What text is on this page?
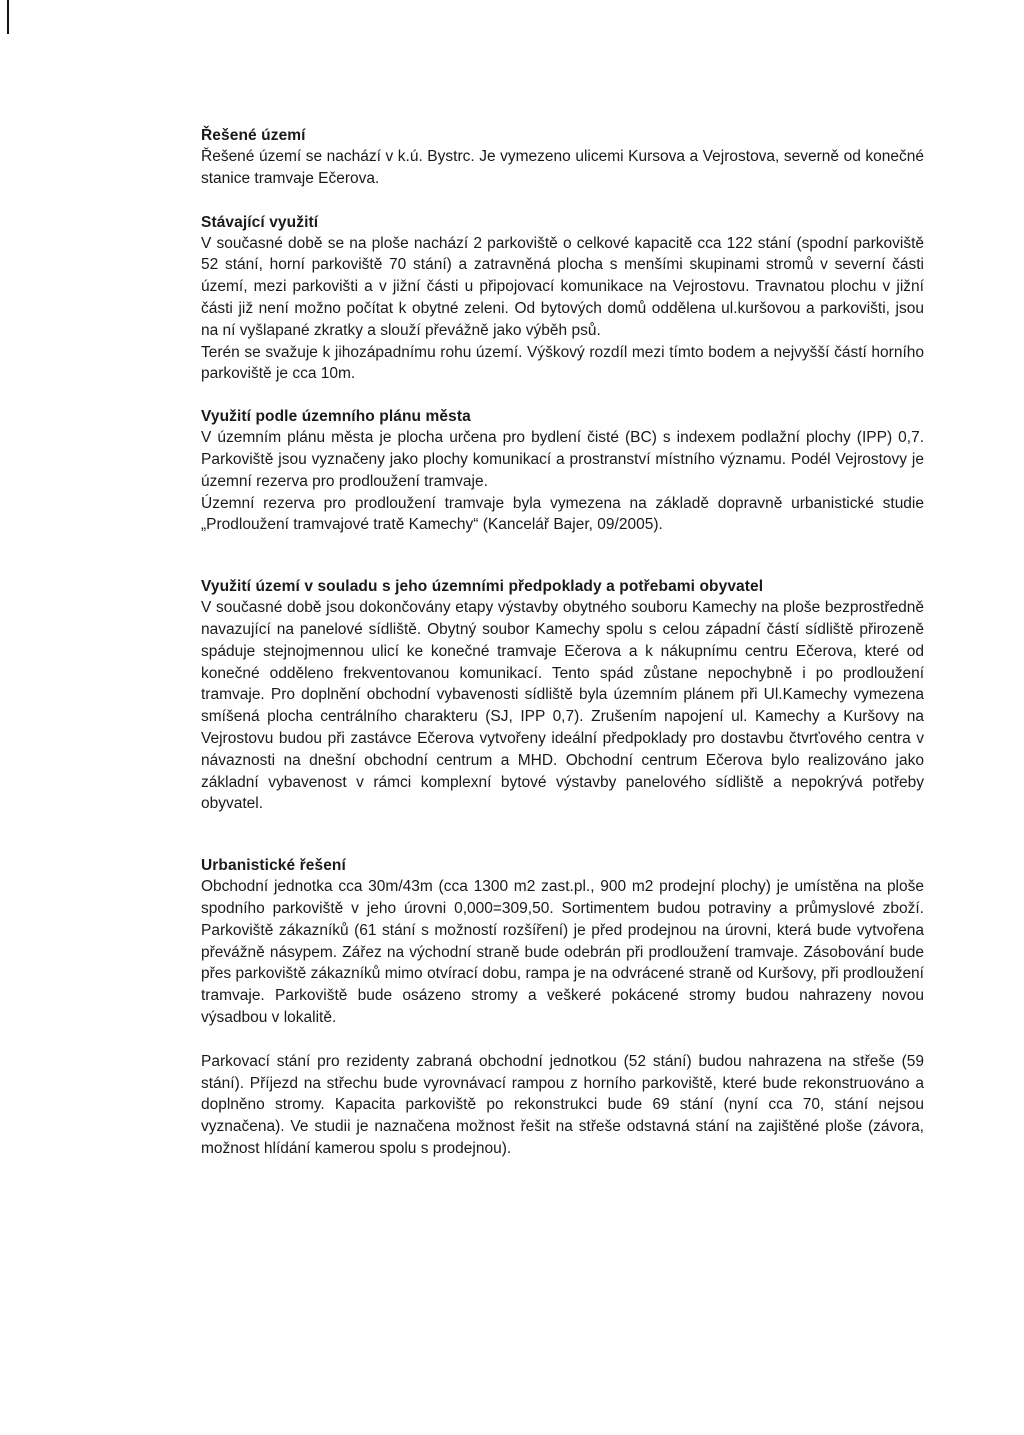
Řešené území

Řešené území se nachází v k.ú. Bystrc. Je vymezeno ulicemi Kursova a Vejrostova, severně od konečné stanice tramvaje Ečerova.

Stávající využití

V současné době se na ploše nachází 2 parkoviště o celkové kapacitě cca 122 stání (spodní parkoviště 52 stání, horní parkoviště 70 stání) a zatravněná plocha s menšími skupinami stromů v severní části území, mezi parkovišti a v jižní části u připojovací komunikace na Vejrostovu. Travnatou plochu v jižní části již není možno počítat k obytné zeleni. Od bytových domů oddělena ul.kuršovou a parkovišti, jsou na ní vyšlapané zkratky a slouží převážně jako výběh psů.

Terén se svažuje k jihozápadnímu rohu území. Výškový rozdíl mezi tímto bodem a nejvyšší částí horního parkoviště je cca 10m.

Využití podle územního plánu města

V územním plánu města je plocha určena pro bydlení čisté (BC) s indexem podlažní plochy (IPP) 0,7. Parkoviště jsou vyznačeny jako plochy komunikací a prostranství místního významu. Podél Vejrostovy je územní rezerva pro prodloužení tramvaje.

Územní rezerva pro prodloužení tramvaje byla vymezena na základě dopravně urbanistické studie „Prodloužení tramvajové tratě Kamechy“ (Kancelář Bajer, 09/2005).

Využití území v souladu s jeho územními předpoklady a potřebami obyvatel

V současné době jsou dokončovány etapy výstavby obytného souboru Kamechy na ploše bezprostředně navazující na panelové sídliště. Obytný soubor Kamechy spolu s celou západní částí sídliště přirozeně spáduje stejnojmennou ulicí ke konečné tramvaje Ečerova a k nákupnímu centru Ečerova, které od konečné odděleno frekventovanou komunikací. Tento spád zůstane nepochybně i po prodloužení tramvaje. Pro doplnění obchodní vybavenosti sídliště byla územním plánem při Ul.Kamechy vymezena smíšená plocha centrálního charakteru (SJ, IPP 0,7). Zrušením napojení ul. Kamechy a Kuršovy na Vejrostovu budou při zastávce Ečerova vytvořeny ideální předpoklady pro dostavbu čtvrťového centra v návaznosti na dnešní obchodní centrum a MHD. Obchodní centrum Ečerova bylo realizováno jako základní vybavenost v rámci komplexní bytové výstavby panelového sídliště a nepokrývá potřeby obyvatel.

Urbanistické řešení

Obchodní jednotka cca 30m/43m (cca 1300 m2 zast.pl., 900 m2 prodejní plochy) je umístěna na ploše spodního parkoviště v jeho úrovni 0,000=309,50. Sortimentem budou potraviny a průmyslové zboží. Parkoviště zákazníků (61 stání s možností rozšíření) je před prodejnou na úrovni, která bude vytvořena převážně násypem. Zářez na východní straně bude odebrán při prodloužení tramvaje. Zásobování bude přes parkoviště zákazníků mimo otvírací dobu, rampa je na odvrácené straně od Kuršovy, při prodloužení tramvaje. Parkoviště bude osázeno stromy a veškeré pokácené stromy budou nahrazeny novou výsadbou v lokalitě.

Parkovací stání pro rezidenty zabraná obchodní jednotkou (52 stání) budou nahrazena na střeše (59 stání). Příjezd na střechu bude vyrovnávací rampou z horního parkoviště, které bude rekonstruováno a doplněno stromy. Kapacita parkoviště po rekonstrukci bude 69 stání (nyní cca 70, stání nejsou vyznačena). Ve studii je naznačena možnost řešit na střeše odstavná stání na zajištěné ploše (závora, možnost hlídání kamerou spolu s prodejnou).
